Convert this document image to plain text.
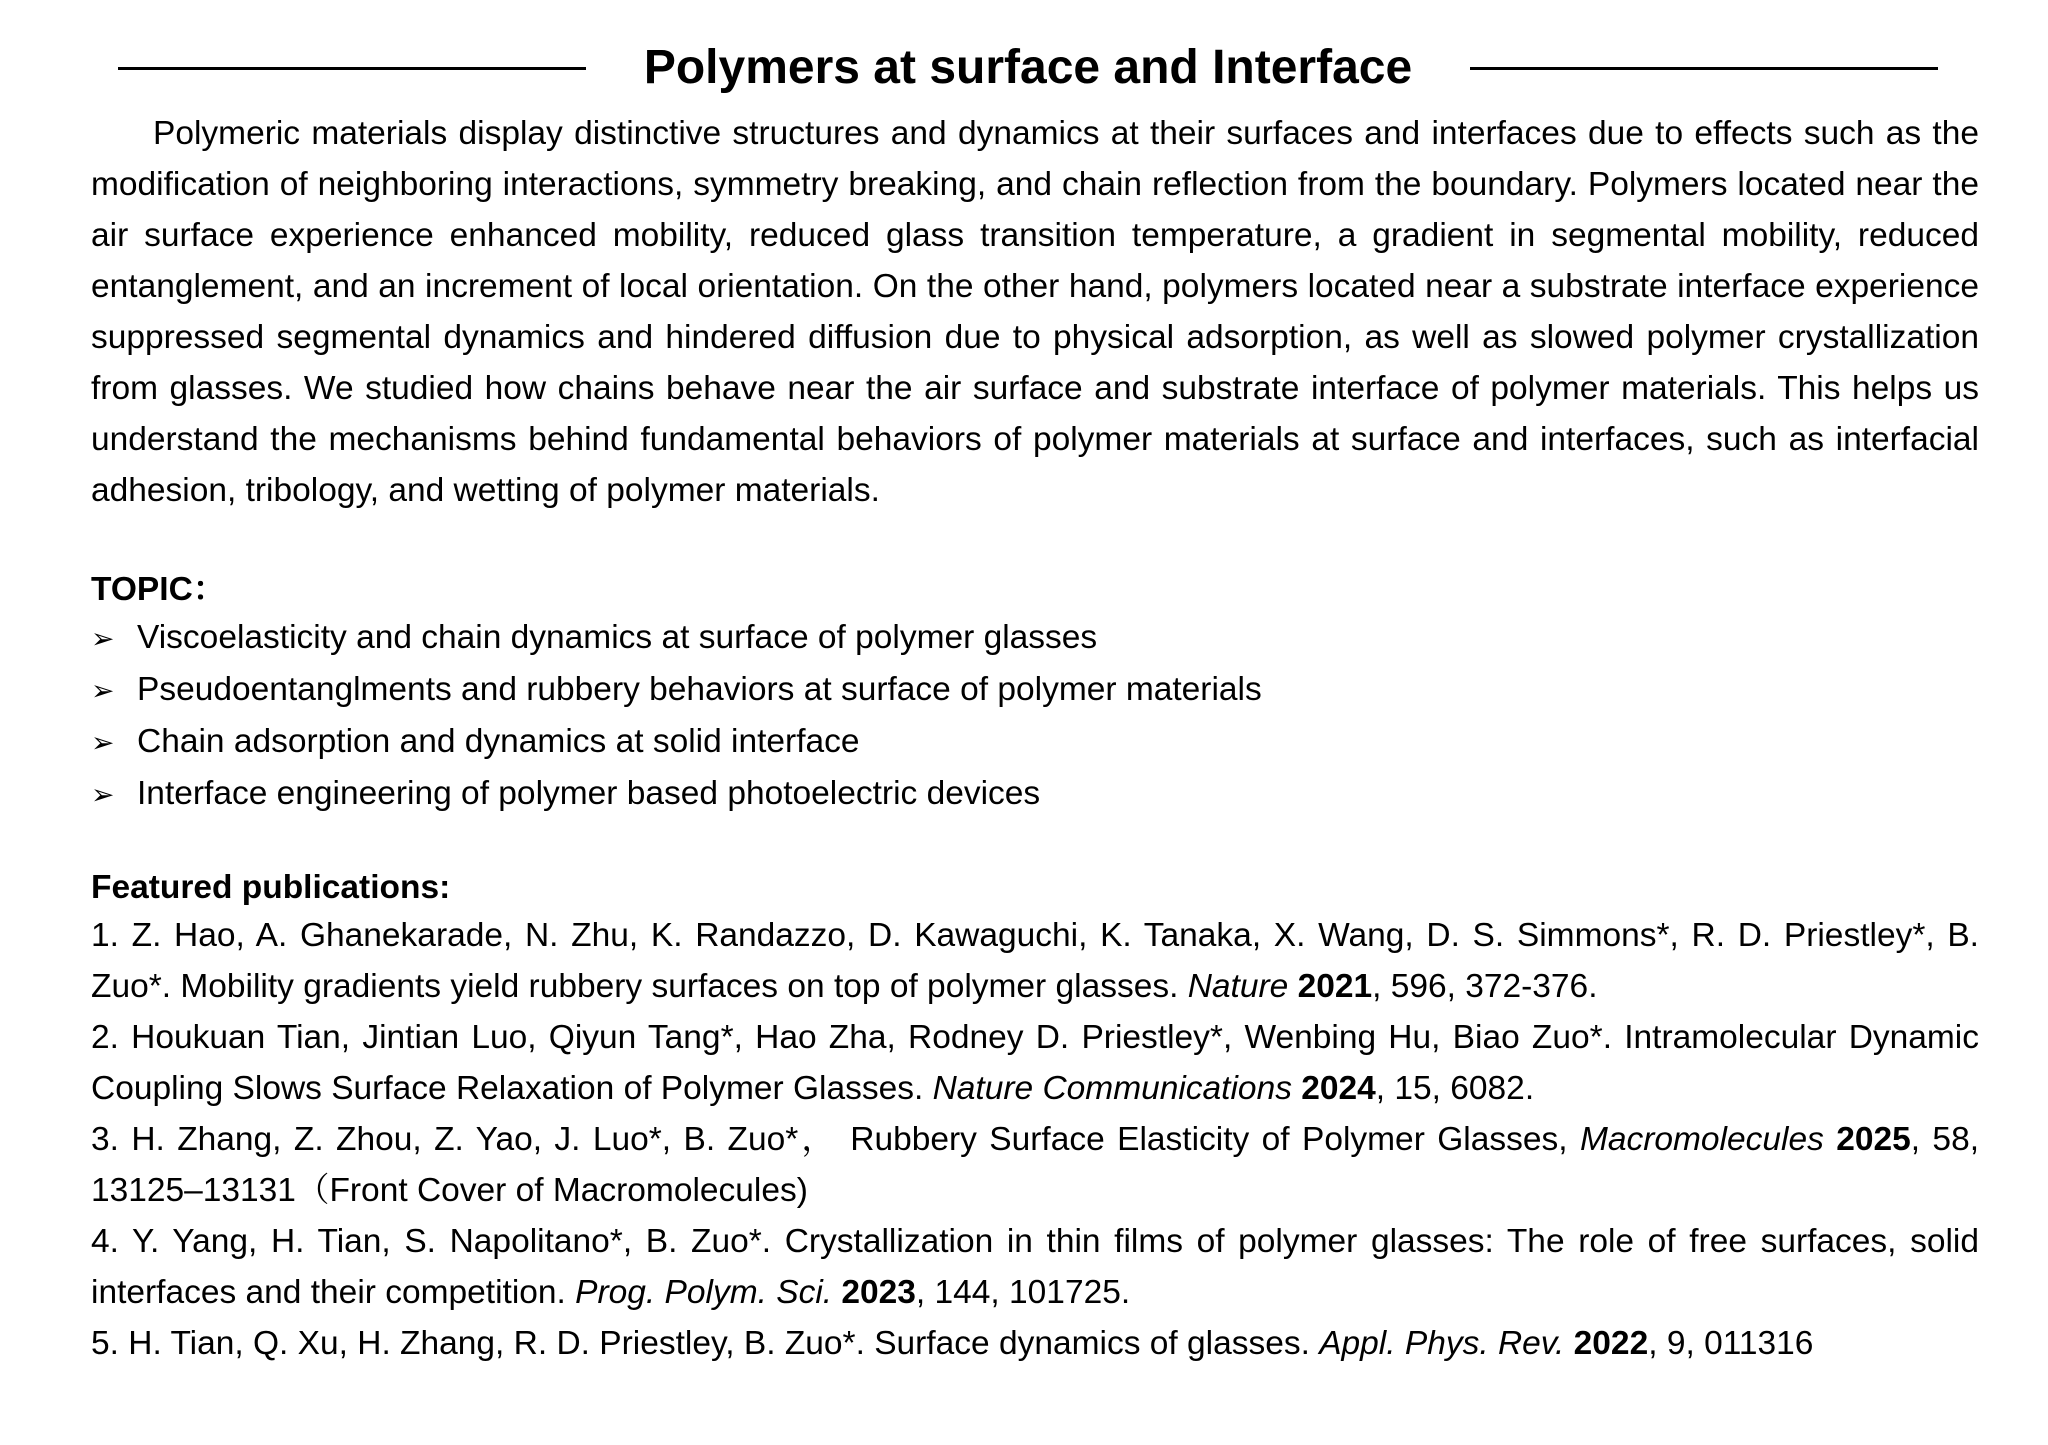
Polymers at surface and Interface

Polymeric materials display distinctive structures and dynamics at their surfaces and interfaces due to effects such as the modification of neighboring interactions, symmetry breaking, and chain reflection from the boundary. Polymers located near the air surface experience enhanced mobility, reduced glass transition temperature, a gradient in segmental mobility, reduced entanglement, and an increment of local orientation. On the other hand, polymers located near a substrate interface experience suppressed segmental dynamics and hindered diffusion due to physical adsorption, as well as slowed polymer crystallization from glasses. We studied how chains behave near the air surface and substrate interface of polymer materials. This helps us understand the mechanisms behind fundamental behaviors of polymer materials at surface and interfaces, such as interfacial adhesion, tribology, and wetting of polymer materials.

TOPIC：
➢ Viscoelasticity and chain dynamics at surface of polymer glasses
➢ Pseudoentanglments and rubbery behaviors at surface of polymer materials
➢ Chain adsorption and dynamics at solid interface
➢ Interface engineering of polymer based photoelectric devices
Featured publications:

1. Z. Hao, A. Ghanekarade, N. Zhu, K. Randazzo, D. Kawaguchi, K. Tanaka, X. Wang, D. S. Simmons*, R. D. Priestley*, B. Zuo*. Mobility gradients yield rubbery surfaces on top of polymer glasses. Nature 2021, 596, 372-376.

2. Houkuan Tian, Jintian Luo, Qiyun Tang*, Hao Zha, Rodney D. Priestley*, Wenbing Hu, Biao Zuo*. Intramolecular Dynamic Coupling Slows Surface Relaxation of Polymer Glasses. Nature Communications 2024, 15, 6082.

3. H. Zhang, Z. Zhou, Z. Yao, J. Luo*, B. Zuo*， Rubbery Surface Elasticity of Polymer Glasses, Macromolecules 2025, 58, 13125–13131（Front Cover of Macromolecules)

4. Y. Yang, H. Tian, S. Napolitano*, B. Zuo*. Crystallization in thin films of polymer glasses: The role of free surfaces, solid interfaces and their competition. Prog. Polym. Sci. 2023, 144, 101725.

5. H. Tian, Q. Xu, H. Zhang, R. D. Priestley, B. Zuo*. Surface dynamics of glasses. Appl. Phys. Rev. 2022, 9, 011316
